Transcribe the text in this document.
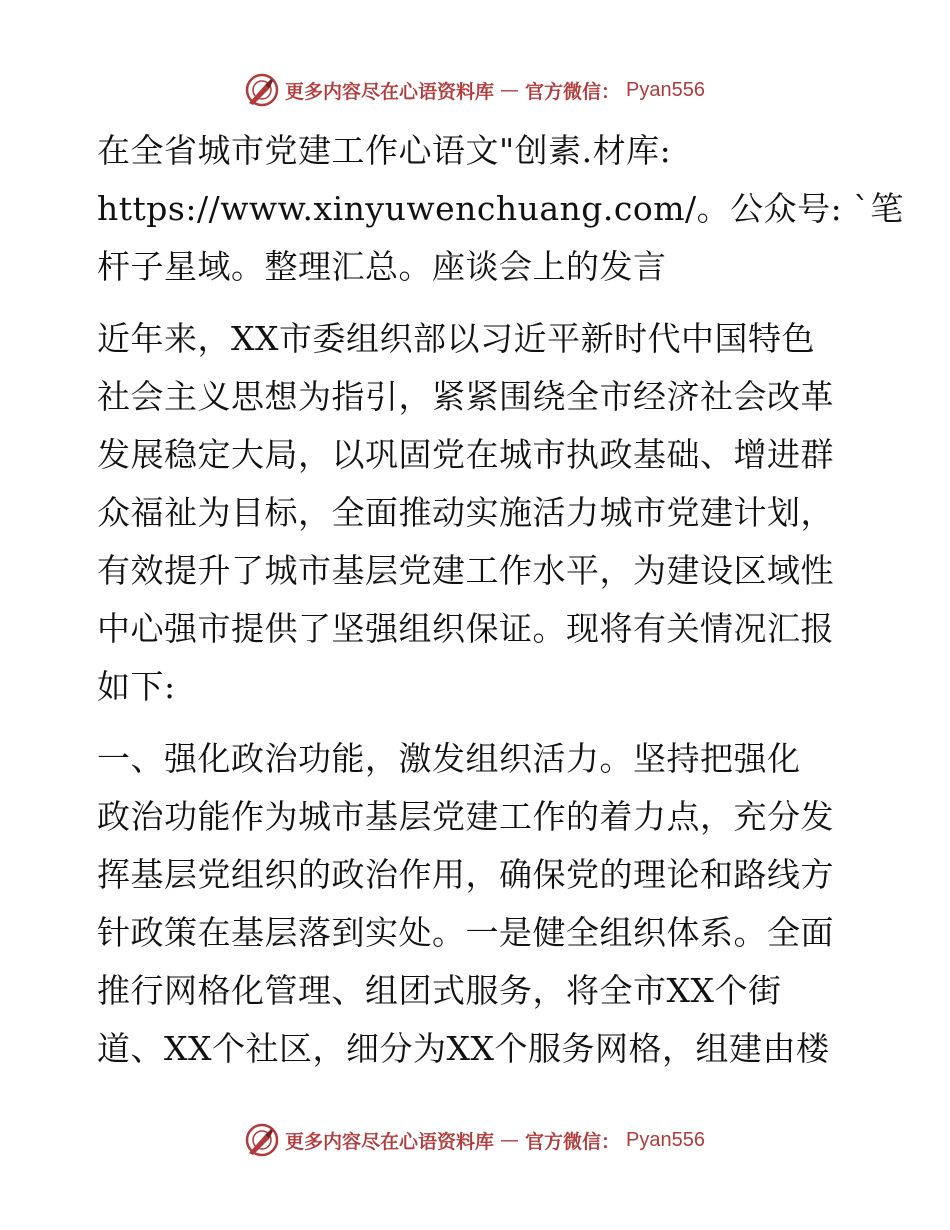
更多内容尽在心语资料库 — 官方微信： Pyan556

在全省城市党建工作心语文"创素.材库:
https://www.xinyuwenchuang.com/。公众号: `笔
杆子星域。整理汇总。座谈会上的发言

近年来，XX市委组织部以习近平新时代中国特色
社会主义思想为指引，紧紧围绕全市经济社会改革
发展稳定大局，以巩固党在城市执政基础、增进群
众福祉为目标，全面推动实施活力城市党建计划，
有效提升了城市基层党建工作水平，为建设区域性
中心强市提供了坚强组织保证。现将有关情况汇报
如下:

一、强化政治功能，激发组织活力。坚持把强化
政治功能作为城市基层党建工作的着力点，充分发
挥基层党组织的政治作用，确保党的理论和路线方
针政策在基层落到实处。一是健全组织体系。全面
推行网格化管理、组团式服务，将全市XX个街
道、XX个社区，细分为XX个服务网格，组建由楼

更多内容尽在心语资料库 — 官方微信： Pyan556
